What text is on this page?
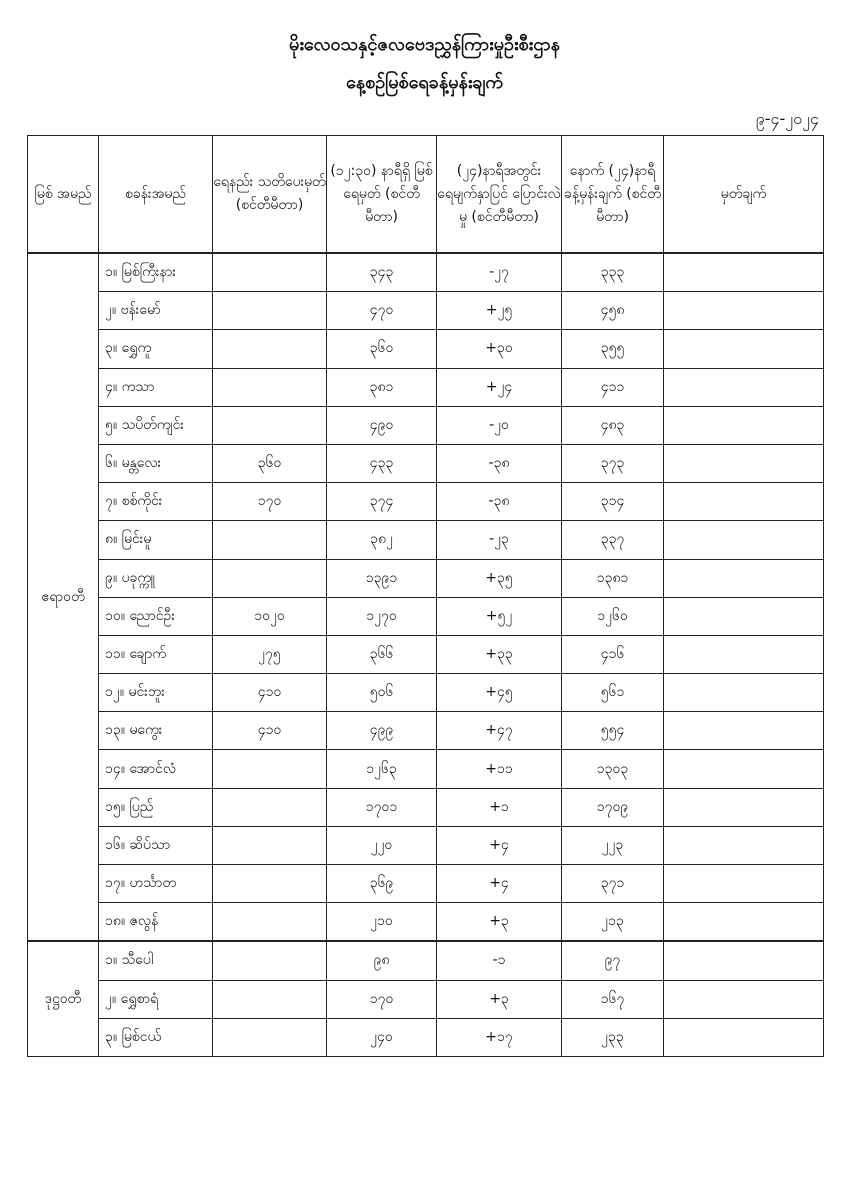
မိုးလေဝသနှင့်ဇလဗေဒညွှန်ကြားမှုဦးစီးဌာန
နေ့စဉ်မြစ်ရေခန့်မှန်းချက်
၉-၄-၂၀၂၄
မြစ် အမည်	စခန်းအမည်	ရေနည်း သတိပေးမှတ် (စင်တီမီတာ)	(၁၂:၃၀) နာရီရှိ မြစ်ရေမှတ် (စင်တီမီတာ)	(၂၄)နာရီအတွင်း ရေမျက်နှာပြင် ပြောင်းလဲမှု (စင်တီမီတာ)	နောက် (၂၄)နာရီ ခန့်မှန်းချက် (စင်တီမီတာ)	မှတ်ချက်
ဧရာဝတီ	၁။ မြစ်ကြီးနား		၃၄၃	-၂၇	၃၃၃	
	၂။ ဗန်းမော်		၄၇၀	+၂၅	၄၅၈	
	၃။ ရွှေကူ		၃၆၀	+၃၀	၃၅၅	
	၄။ ကသာ		၃၈၁	+၂၄	၄၁၁	
	၅။ သပိတ်ကျင်း		၄၉၀	-၂၀	၄၈၃	
	၆။ မန္တလေး	၃၆၀	၄၃၃	-၃၈	၃၇၃	
	၇။ စစ်ကိုင်း	၁၇၀	၃၇၄	-၃၈	၃၁၄	
	၈။ မြင်းမူ		၃၈၂	-၂၃	၃၃၇	
	၉။ ပခုက္ကူ		၁၃၉၁	+၃၅	၁၃၈၁	
	၁၀။ ညောင်ဦး	၁၀၂၀	၁၂၇၀	+၅၂	၁၂၆၀	
	၁၁။ ချောက်	၂၇၅	၃၆၆	+၃၃	၄၁၆	
	၁၂။ မင်းဘူး	၄၁၀	၅၀၆	+၄၅	၅၆၁	
	၁၃။ မကွေး	၄၁၀	၄၉၉	+၄၇	၅၅၄	
	၁၄။ အောင်လံ		၁၂၆၃	+၁၁	၁၃၀၃	
	၁၅။ ပြည်		၁၇၀၁	+၁	၁၇၀၉	
	၁၆။ ဆိပ်သာ		၂၂၀	+၄	၂၂၃	
	၁၇။ ဟင်္သာတ		၃၆၉	+၄	၃၇၁	
	၁၈။ ဇလွန်		၂၁၀	+၃	၂၁၃	
ဒုဋ္ဌဝတီ	၁။ သီပေါ		၉၈	-၁	၉၇	
	၂။ ရွှေစာရံ		၁၇၀	+၃	၁၆၇	
	၃။ မြစ်ငယ်		၂၄၀	+၁၇	၂၃၃	
